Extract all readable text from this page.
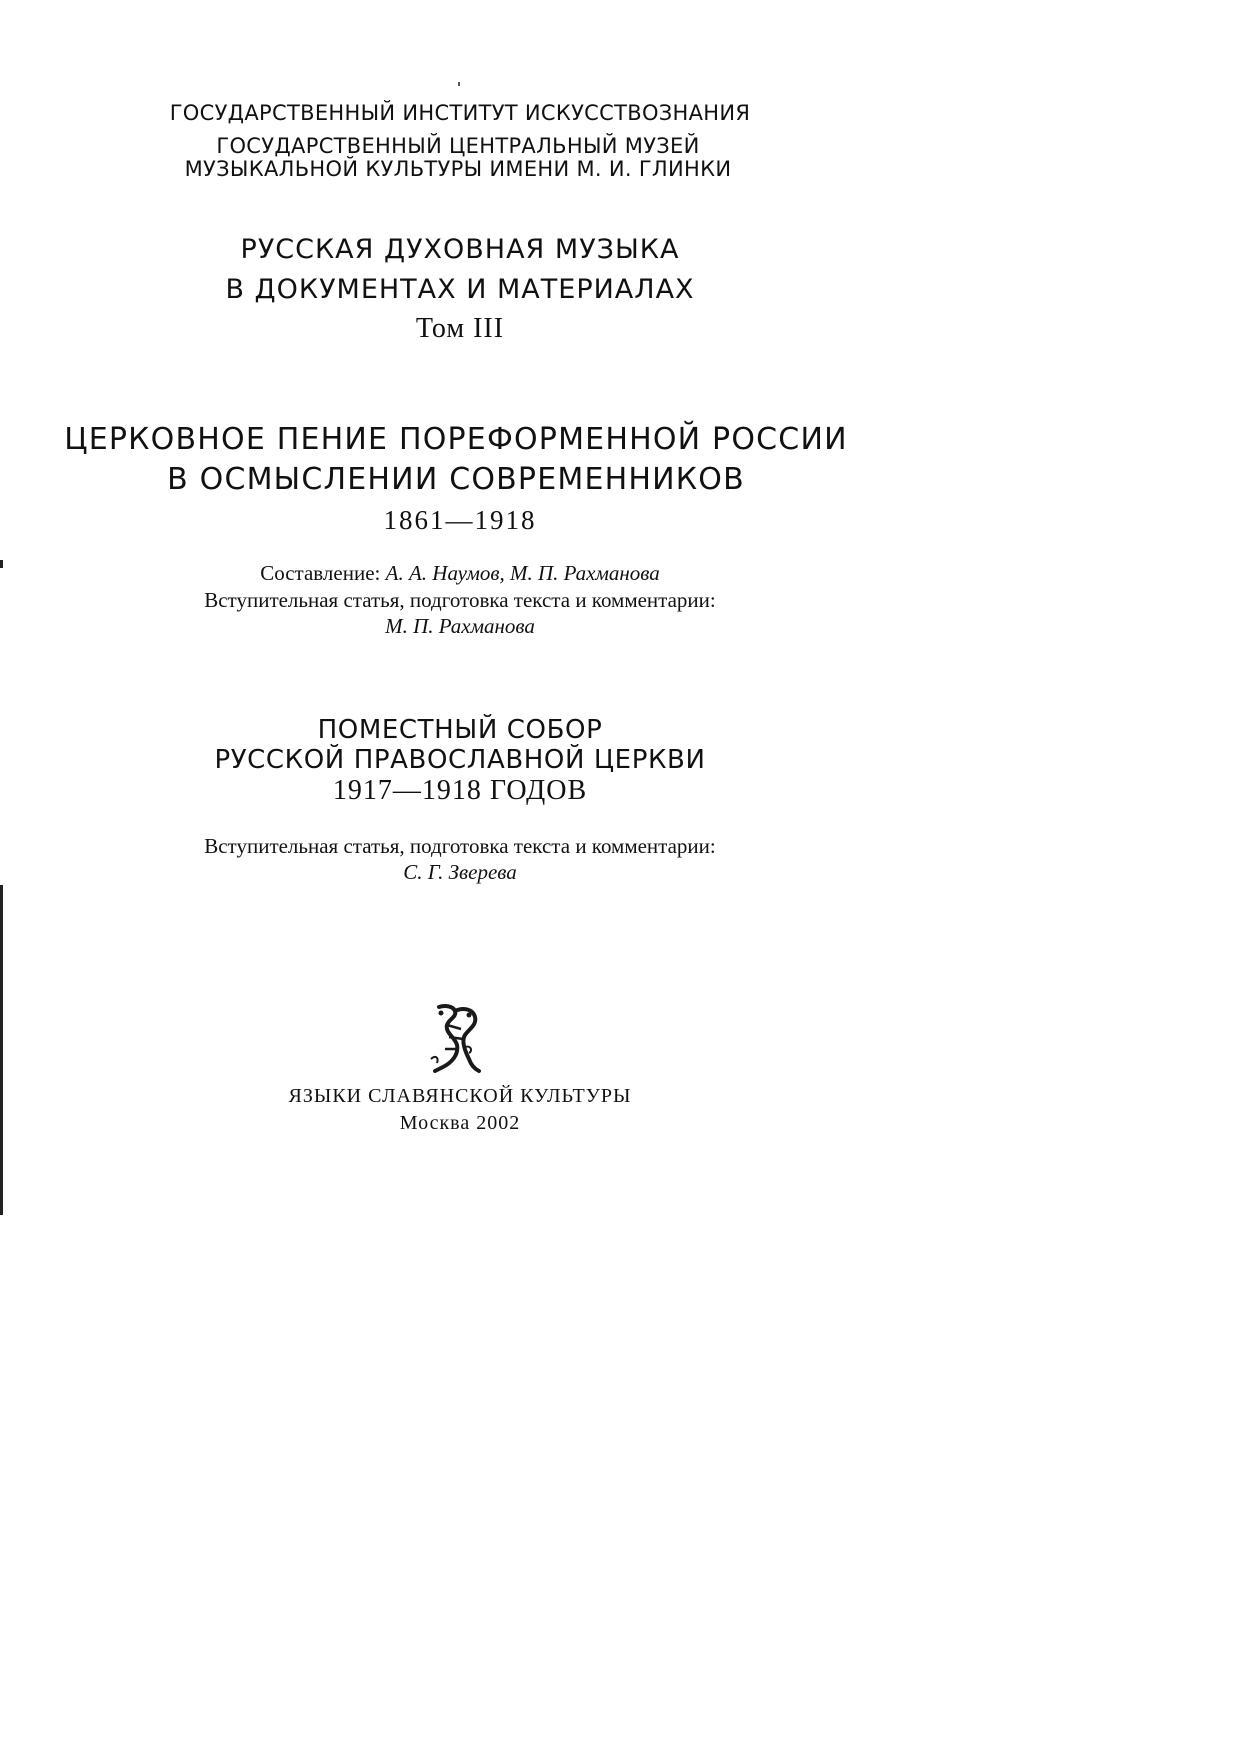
ГОСУДАРСТВЕННЫЙ ИНСТИТУТ ИСКУССТВОЗНАНИЯ

ГОСУДАРСТВЕННЫЙ ЦЕНТРАЛЬНЫЙ МУЗЕЙ

МУЗЫКАЛЬНОЙ КУЛЬТУРЫ ИМЕНИ М. И. ГЛИНКИ

РУССКАЯ ДУХОВНАЯ МУЗЫКА

В ДОКУМЕНТАХ И МАТЕРИАЛАХ

Том III

ЦЕРКОВНОЕ ПЕНИЕ ПОРЕФОРМЕННОЙ РОССИИ

В ОСМЫСЛЕНИИ СОВРЕМЕННИКОВ

1861—1918

Составление: А. А. Наумов, М. П. Рахманова

Вступительная статья, подготовка текста и комментарии:

М. П. Рахманова

ПОМЕСТНЫЙ СОБОР

РУССКОЙ ПРАВОСЛАВНОЙ ЦЕРКВИ

1917—1918 ГОДОВ

Вступительная статья, подготовка текста и комментарии:

С. Г. Зверева

ЯЗЫКИ СЛАВЯНСКОЙ КУЛЬТУРЫ

Москва 2002
